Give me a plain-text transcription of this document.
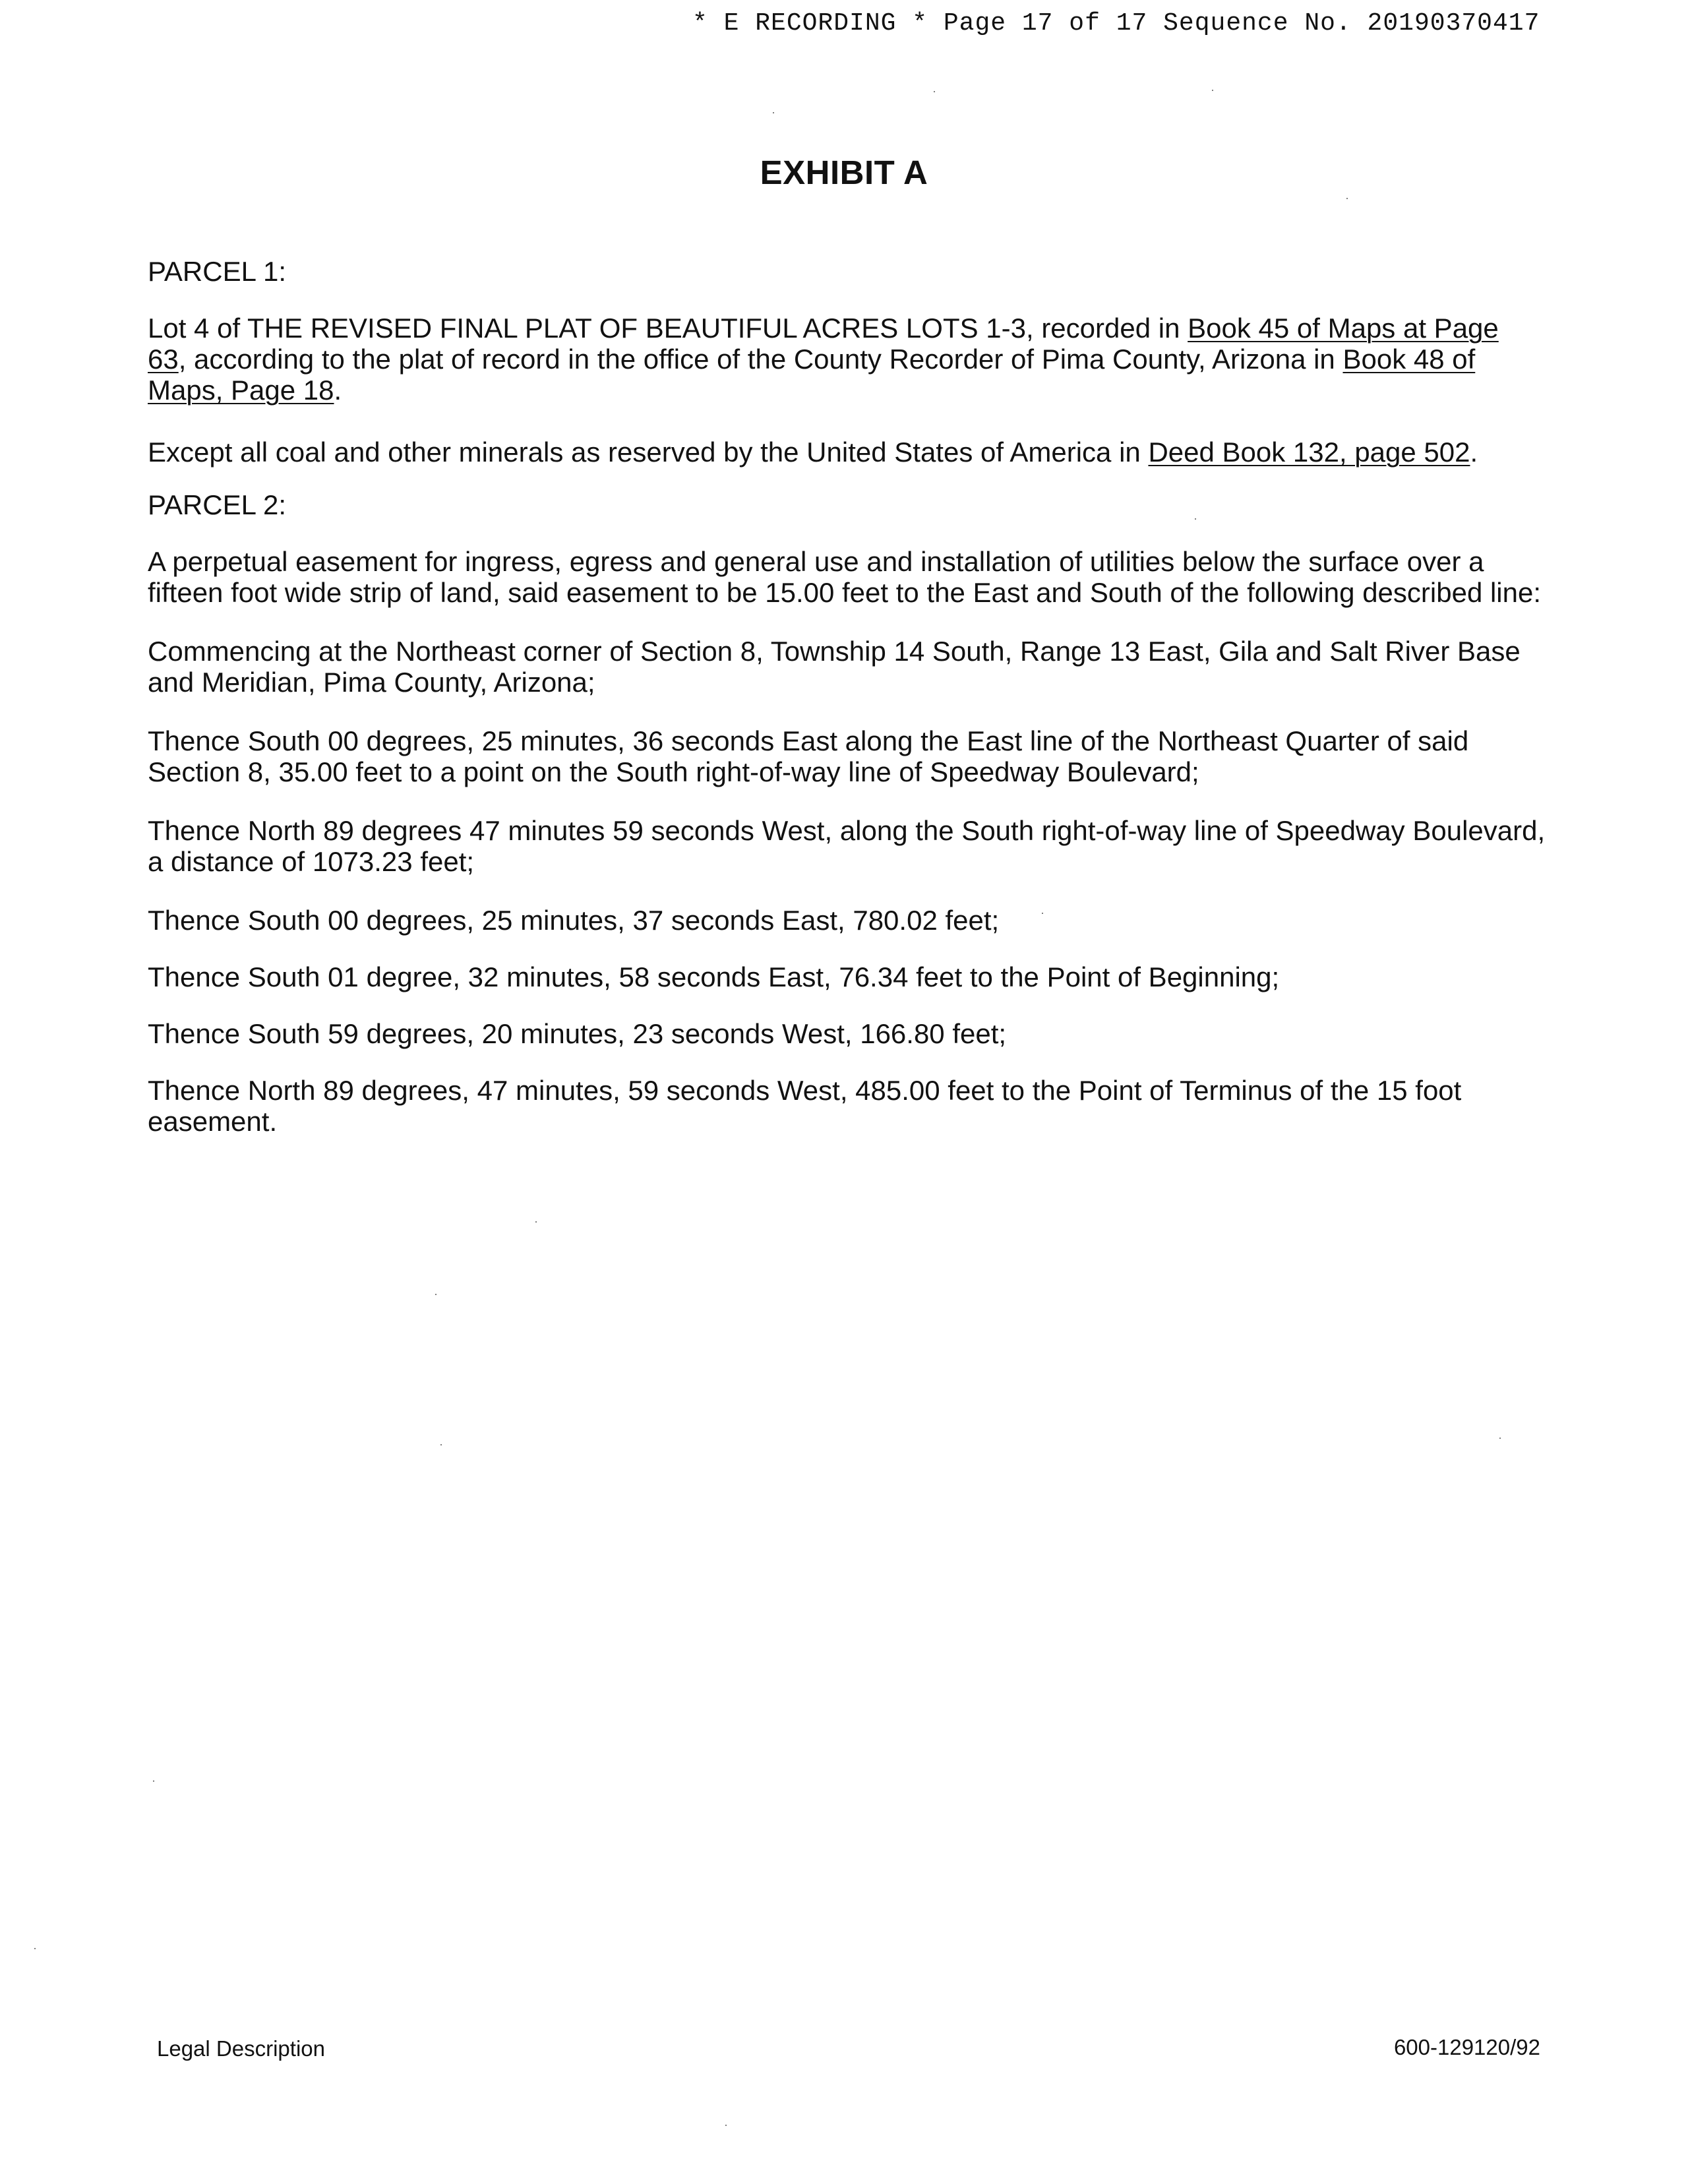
* E RECORDING * Page 17 of 17 Sequence No. 20190370417
EXHIBIT A

PARCEL 1:

Lot 4 of THE REVISED FINAL PLAT OF BEAUTIFUL ACRES LOTS 1-3, recorded in Book 45 of Maps at Page

63, according to the plat of record in the office of the County Recorder of Pima County, Arizona in Book 48 of

Maps, Page 18.

Except all coal and other minerals as reserved by the United States of America in Deed Book 132, page 502.

PARCEL 2:

A perpetual easement for ingress, egress and general use and installation of utilities below the surface over a

fifteen foot wide strip of land, said easement to be 15.00 feet to the East and South of the following described line:

Commencing at the Northeast corner of Section 8, Township 14 South, Range 13 East, Gila and Salt River Base

and Meridian, Pima County, Arizona;

Thence South 00 degrees, 25 minutes, 36 seconds East along the East line of the Northeast Quarter of said

Section 8, 35.00 feet to a point on the South right-of-way line of Speedway Boulevard;

Thence North 89 degrees 47 minutes 59 seconds West, along the South right-of-way line of Speedway Boulevard,

a distance of 1073.23 feet;

Thence South 00 degrees, 25 minutes, 37 seconds East, 780.02 feet;

Thence South 01 degree, 32 minutes, 58 seconds East, 76.34 feet to the Point of Beginning;

Thence South 59 degrees, 20 minutes, 23 seconds West, 166.80 feet;

Thence North 89 degrees, 47 minutes, 59 seconds West, 485.00 feet to the Point of Terminus of the 15 foot

easement.

Legal Description	600-129120/92
